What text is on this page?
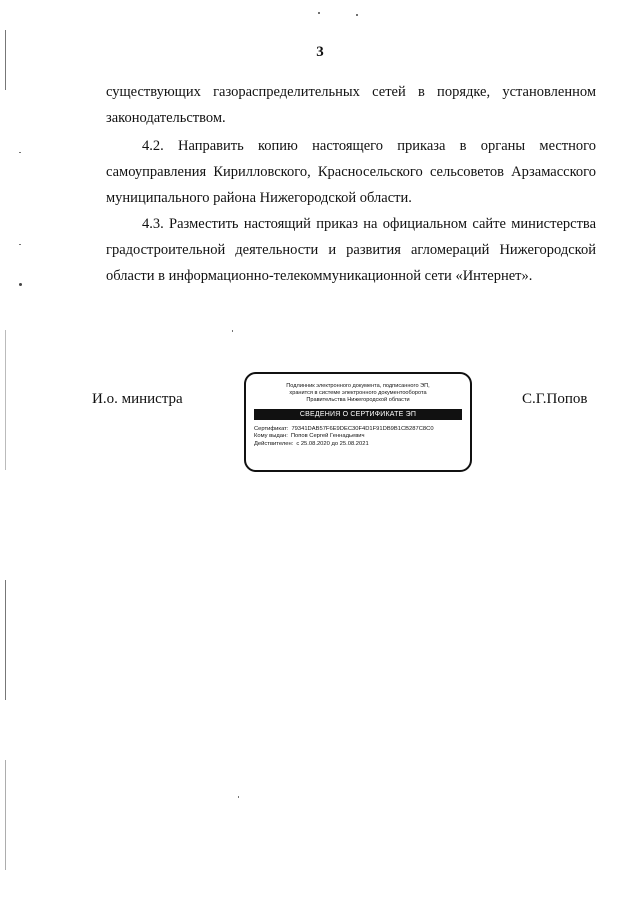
3
существующих газораспределительных сетей в порядке, установленном
законодательством.
4.2. Направить копию настоящего приказа в органы местного
самоуправления Кирилловского, Красносельского сельсоветов Арзамасского
муниципального района Нижегородской области.
4.3. Разместить настоящий приказ на официальном сайте министерства
градостроительной деятельности и развития агломераций Нижегородской
области в информационно-телекоммуникационной сети «Интернет».
И.о. министра
Подлинник электронного документа, подписанного ЭП,
хранится в системе электронного документооборота
Правительства Нижегородской области
СВЕДЕНИЯ О СЕРТИФИКАТЕ ЭП
Сертификат: 79341DAB57F6E9DEC30F4D1F91DB9B1CB287C8C0
Кому выдан: Попов Сергей Геннадьевич
Действителен: с 25.08.2020 до 25.08.2021
С.Г.Попов
